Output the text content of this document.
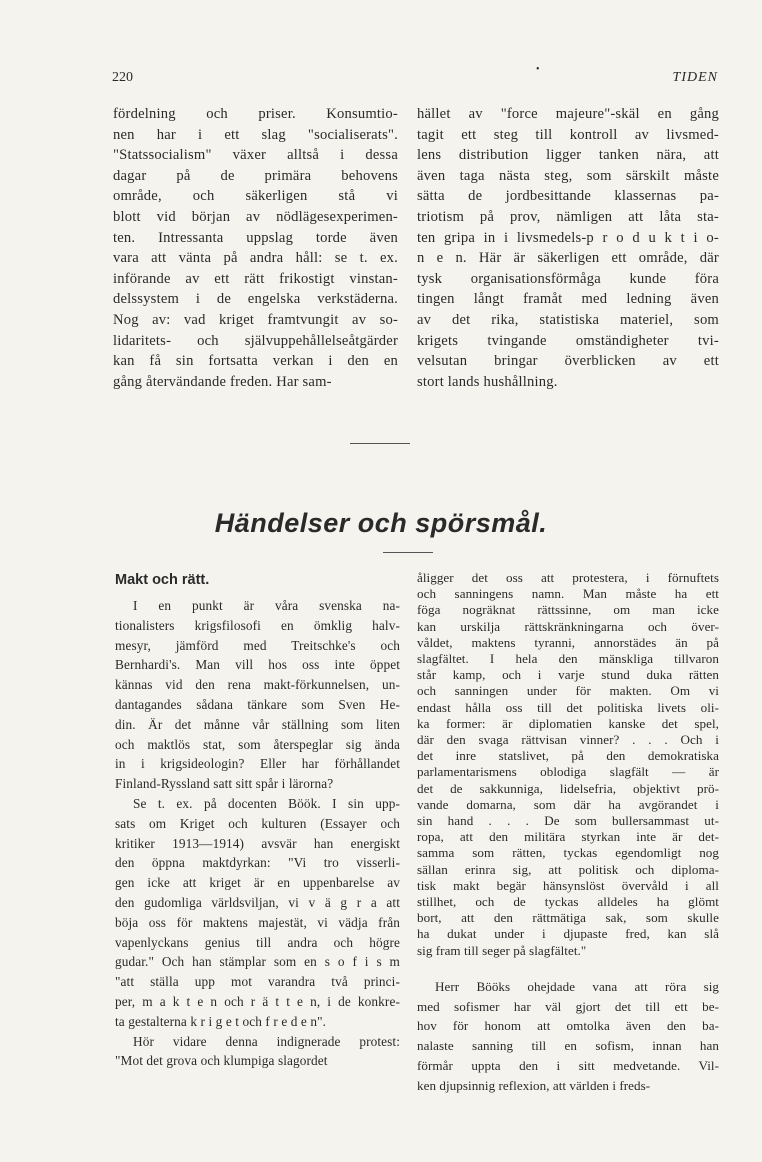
220
•
TIDEN
fördelning och priser. Konsumtio-
nen har i ett slag "socialiserats".
"Statssocialism" växer alltså i dessa
dagar på de primära behovens
område, och säkerligen stå vi
blott vid början av nödlägesexperimen-
ten. Intressanta uppslag torde även
vara att vänta på andra håll: se t. ex.
införande av ett rätt frikostigt vinstan-
delssystem i de engelska verkstäderna.
Nog av: vad kriget framtvungit av so-
lidaritets- och självuppehållelseåtgärder
kan få sin fortsatta verkan i den en
gång återvändande freden. Har sam-
hället av "force majeure"-skäl en gång
tagit ett steg till kontroll av livsmed-
lens distribution ligger tanken nära, att
även taga nästa steg, som särskilt måste
sätta de jordbesittande klassernas pa-
triotism på prov, nämligen att låta sta-
ten gripa in i livsmedels-p r o d u k t i o-
n e n. Här är säkerligen ett område, där
tysk organisationsförmåga kunde föra
tingen långt framåt med ledning även
av det rika, statistiska materiel, som
krigets tvingande omständigheter tvi-
velsutan bringar överblicken av ett
stort lands hushållning.
Händelser och spörsmål.
Makt och rätt.
I en punkt är våra svenska na-
tionalisters krigsfilosofi en ömklig halv-
mesyr, jämförd med Treitschke's och
Bernhardi's. Man vill hos oss inte öppet
kännas vid den rena makt-förkunnelsen, un-
dantagandes sådana tänkare som Sven He-
din. Är det månne vår ställning som liten
och maktlös stat, som återspeglar sig ända
in i krigsideologin? Eller har förhållandet
Finland-Ryssland satt sitt spår i lärorna?
Se t. ex. på docenten Böök. I sin upp-
sats om Kriget och kulturen (Essayer och
kritiker 1913—1914) avsvär han energiskt
den öppna maktdyrkan: "Vi tro visserli-
gen icke att kriget är en uppenbarelse av
den gudomliga världsviljan, vi v ä g r a att
böja oss för maktens majestät, vi vädja från
vapenlyckans genius till andra och högre
gudar." Och han stämplar som en s o f i s m
"att ställa upp mot varandra två princi-
per, m a k t e n och r ä t t e n, i de konkre-
ta gestalterna k r i g e t och f r e d e n".
Hör vidare denna indignerade protest:
"Mot det grova och klumpiga slagordet
åligger det oss att protestera, i förnuftets
och sanningens namn. Man måste ha ett
föga nogräknat rättssinne, om man icke
kan urskilja rättskränkningarna och över-
våldet, maktens tyranni, annorstädes än på
slagfältet. I hela den mänskliga tillvaron
står kamp, och i varje stund duka rätten
och sanningen under för makten. Om vi
endast hålla oss till det politiska livets oli-
ka former: är diplomatien kanske det spel,
där den svaga rättvisan vinner? . . . Och i
det inre statslivet, på den demokratiska
parlamentarismens oblodiga slagfält — är
det de sakkunniga, lidelsefria, objektivt prö-
vande domarna, som där ha avgörandet i
sin hand . . . De som bullersammast ut-
ropa, att den militära styrkan inte är det-
samma som rätten, tyckas egendomligt nog
sällan erinra sig, att politisk och diploma-
tisk makt begär hänsynslöst övervåld i all
stillhet, och de tyckas alldeles ha glömt
bort, att den rättmätiga sak, som skulle
ha dukat under i djupaste fred, kan slå
sig fram till seger på slagfältet."
Herr Bööks ohejdade vana att röra sig
med sofismer har väl gjort det till ett be-
hov för honom att omtolka även den ba-
nalaste sanning till en sofism, innan han
förmår uppta den i sitt medvetande. Vil-
ken djupsinnig reflexion, att världen i freds-
